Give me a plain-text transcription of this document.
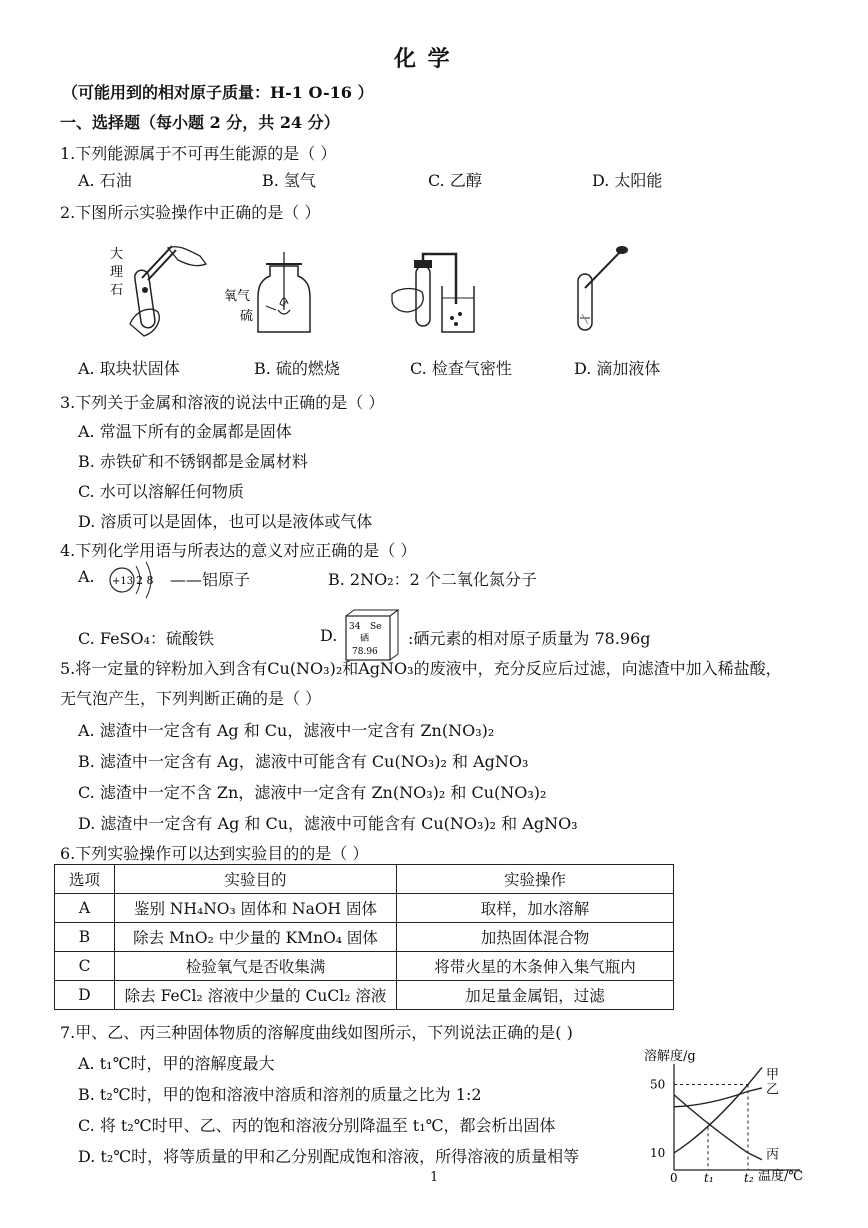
化 学
（可能用到的相对原子质量：H-1 O-16 ）
一、选择题（每小题 2 分，共 24 分）
1.下列能源属于不可再生能源的是（ ）
A. 石油	B. 氢气	C. 乙醇	D. 太阳能
2.下图所示实验操作中正确的是（ ）
大
理
石	氧气
硫
A. 取块状固体	B. 硫的燃烧	C. 检查气密性	D. 滴加液体
3.下列关于金属和溶液的说法中正确的是（ ）
A. 常温下所有的金属都是固体
B. 赤铁矿和不锈钢都是金属材料
C. 水可以溶解任何物质
D. 溶质可以是固体，也可以是液体或气体
4.下列化学用语与所表达的意义对应正确的是（ ）
A. +13 2 8 ——铝原子	B. 2NO₂：2 个二氧化氮分子
C. FeSO₄：硫酸铁	D. 34 Se
硒
78.96
:硒元素的相对原子质量为 78.96g
5.将一定量的锌粉加入到含有Cu(NO₃)₂和AgNO₃的废液中，充分反应后过滤，向滤渣中加入稀盐酸，
无气泡产生，下列判断正确的是（ ）
A. 滤渣中一定含有 Ag 和 Cu，滤液中一定含有 Zn(NO₃)₂
B. 滤渣中一定含有 Ag，滤液中可能含有 Cu(NO₃)₂ 和 AgNO₃
C. 滤渣中一定不含 Zn，滤液中一定含有 Zn(NO₃)₂ 和 Cu(NO₃)₂
D. 滤渣中一定含有 Ag 和 Cu，滤液中可能含有 Cu(NO₃)₂ 和 AgNO₃
6.下列实验操作可以达到实验目的的是（ ）
选项	实验目的	实验操作
A	鉴别 NH₄NO₃ 固体和 NaOH 固体	取样，加水溶解
B	除去 MnO₂ 中少量的 KMnO₄ 固体	加热固体混合物
C	检验氧气是否收集满	将带火星的木条伸入集气瓶内
D	除去 FeCl₂ 溶液中少量的 CuCl₂ 溶液	加足量金属铝，过滤
7.甲、乙、丙三种固体物质的溶解度曲线如图所示，下列说法正确的是( )
A. t₁℃时，甲的溶解度最大
B. t₂℃时，甲的饱和溶液中溶质和溶剂的质量之比为 1:2
C. 将 t₂℃时甲、乙、丙的饱和溶液分别降温至 t₁℃，都会析出固体
D. t₂℃时，将等质量的甲和乙分别配成饱和溶液，所得溶液的质量相等
溶解度/g
温度/℃
10
50
0 t₁	t₂
甲
乙
丙
1
